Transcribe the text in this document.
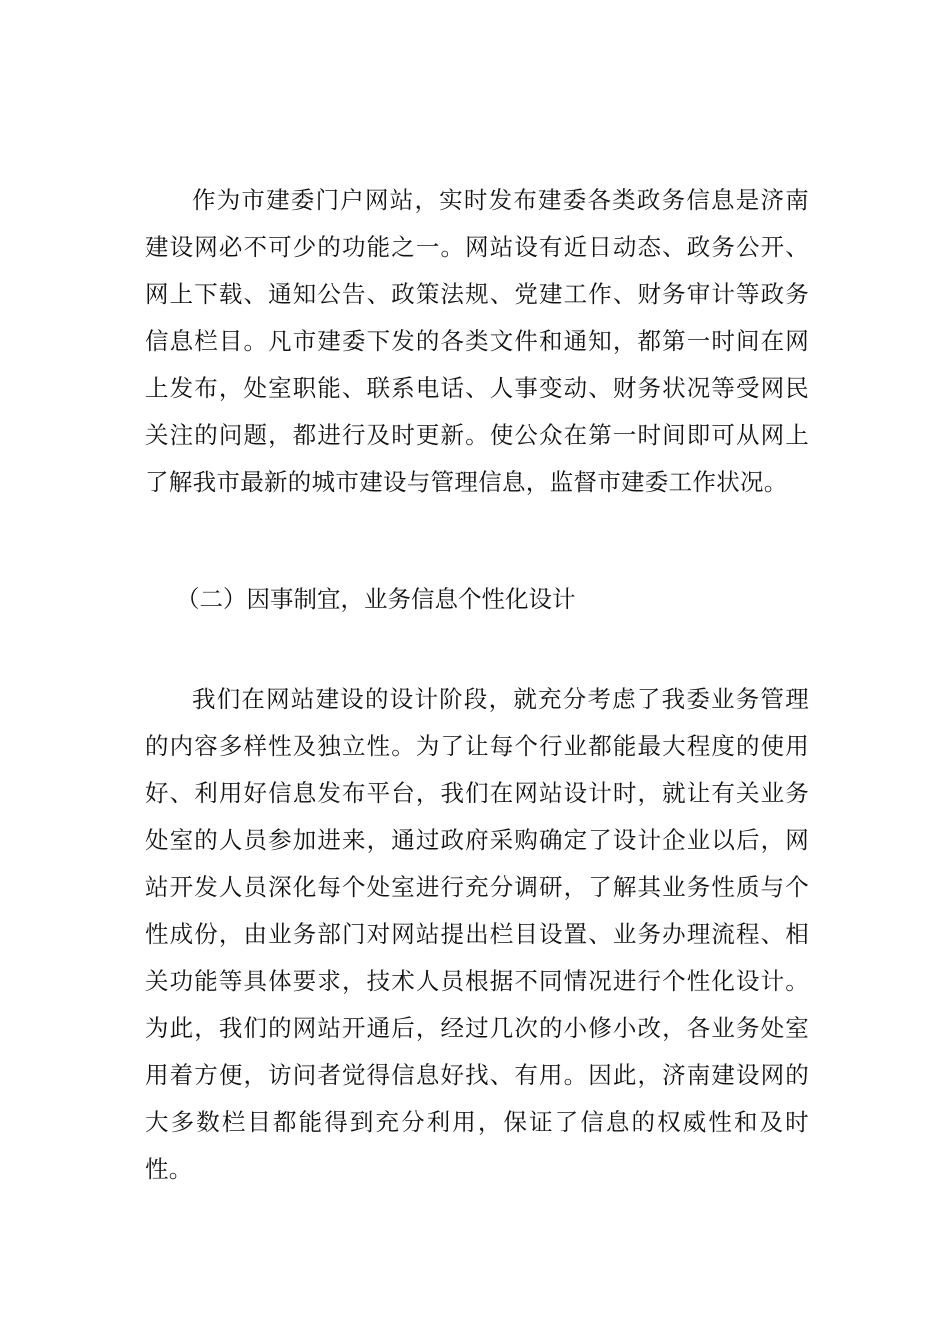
作为市建委门户网站，实时发布建委各类政务信息是济南建设网必不可少的功能之一。网站设有近日动态、政务公开、网上下载、通知公告、政策法规、党建工作、财务审计等政务信息栏目。凡市建委下发的各类文件和通知，都第一时间在网上发布，处室职能、联系电话、人事变动、财务状况等受网民关注的问题，都进行及时更新。使公众在第一时间即可从网上了解我市最新的城市建设与管理信息，监督市建委工作状况。

（二）因事制宜，业务信息个性化设计

我们在网站建设的设计阶段，就充分考虑了我委业务管理的内容多样性及独立性。为了让每个行业都能最大程度的使用好、利用好信息发布平台，我们在网站设计时，就让有关业务处室的人员参加进来，通过政府采购确定了设计企业以后，网站开发人员深化每个处室进行充分调研，了解其业务性质与个性成份，由业务部门对网站提出栏目设置、业务办理流程、相关功能等具体要求，技术人员根据不同情况进行个性化设计。为此，我们的网站开通后，经过几次的小修小改，各业务处室用着方便，访问者觉得信息好找、有用。因此，济南建设网的大多数栏目都能得到充分利用，保证了信息的权威性和及时性。
